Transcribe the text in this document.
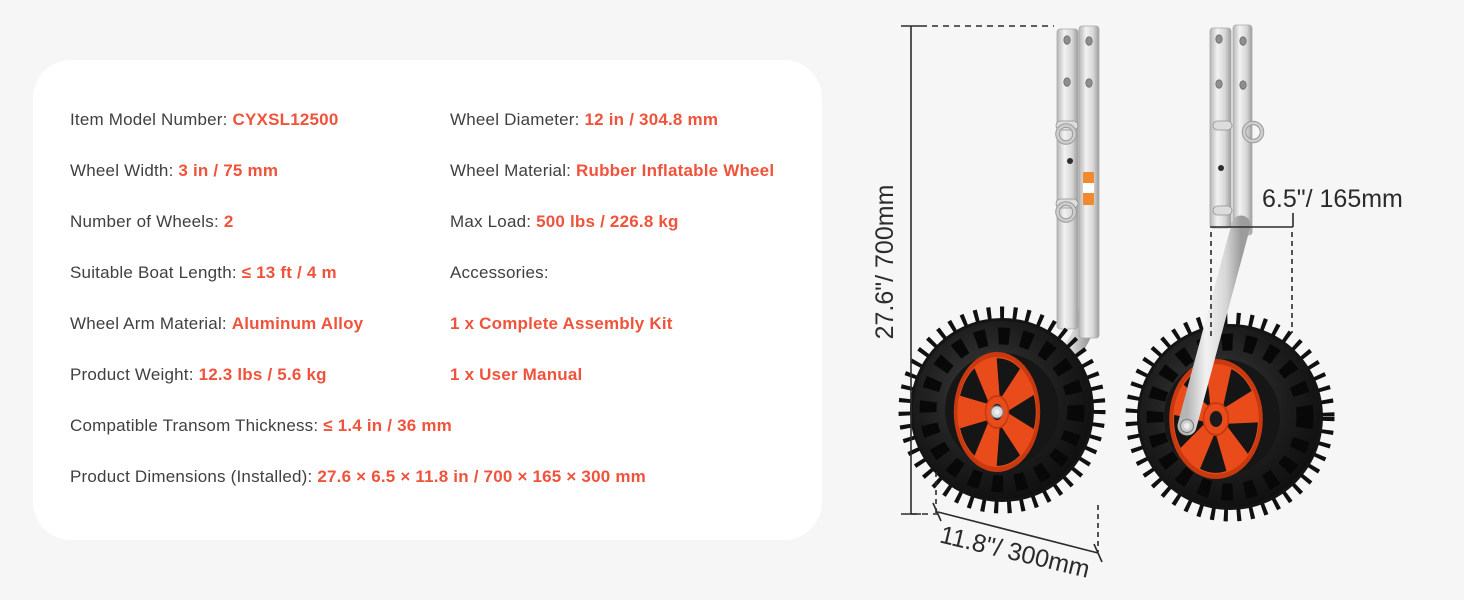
Item Model Number: CYXSL12500
Wheel Width: 3 in / 75 mm
Number of Wheels: 2
Suitable Boat Length: ≤ 13 ft / 4 m
Wheel Arm Material: Aluminum Alloy
Product Weight: 12.3 lbs / 5.6 kg
Compatible Transom Thickness: ≤ 1.4 in / 36 mm
Product Dimensions (Installed): 27.6 × 6.5 × 11.8 in / 700 × 165 × 300 mm
Wheel Diameter: 12 in / 304.8 mm
Wheel Material: Rubber Inflatable Wheel
Max Load: 500 lbs / 226.8 kg
Accessories:
1 x Complete Assembly Kit
1 x User Manual
27.6"/ 700mm
11.8"/ 300mm
6.5"/ 165mm
